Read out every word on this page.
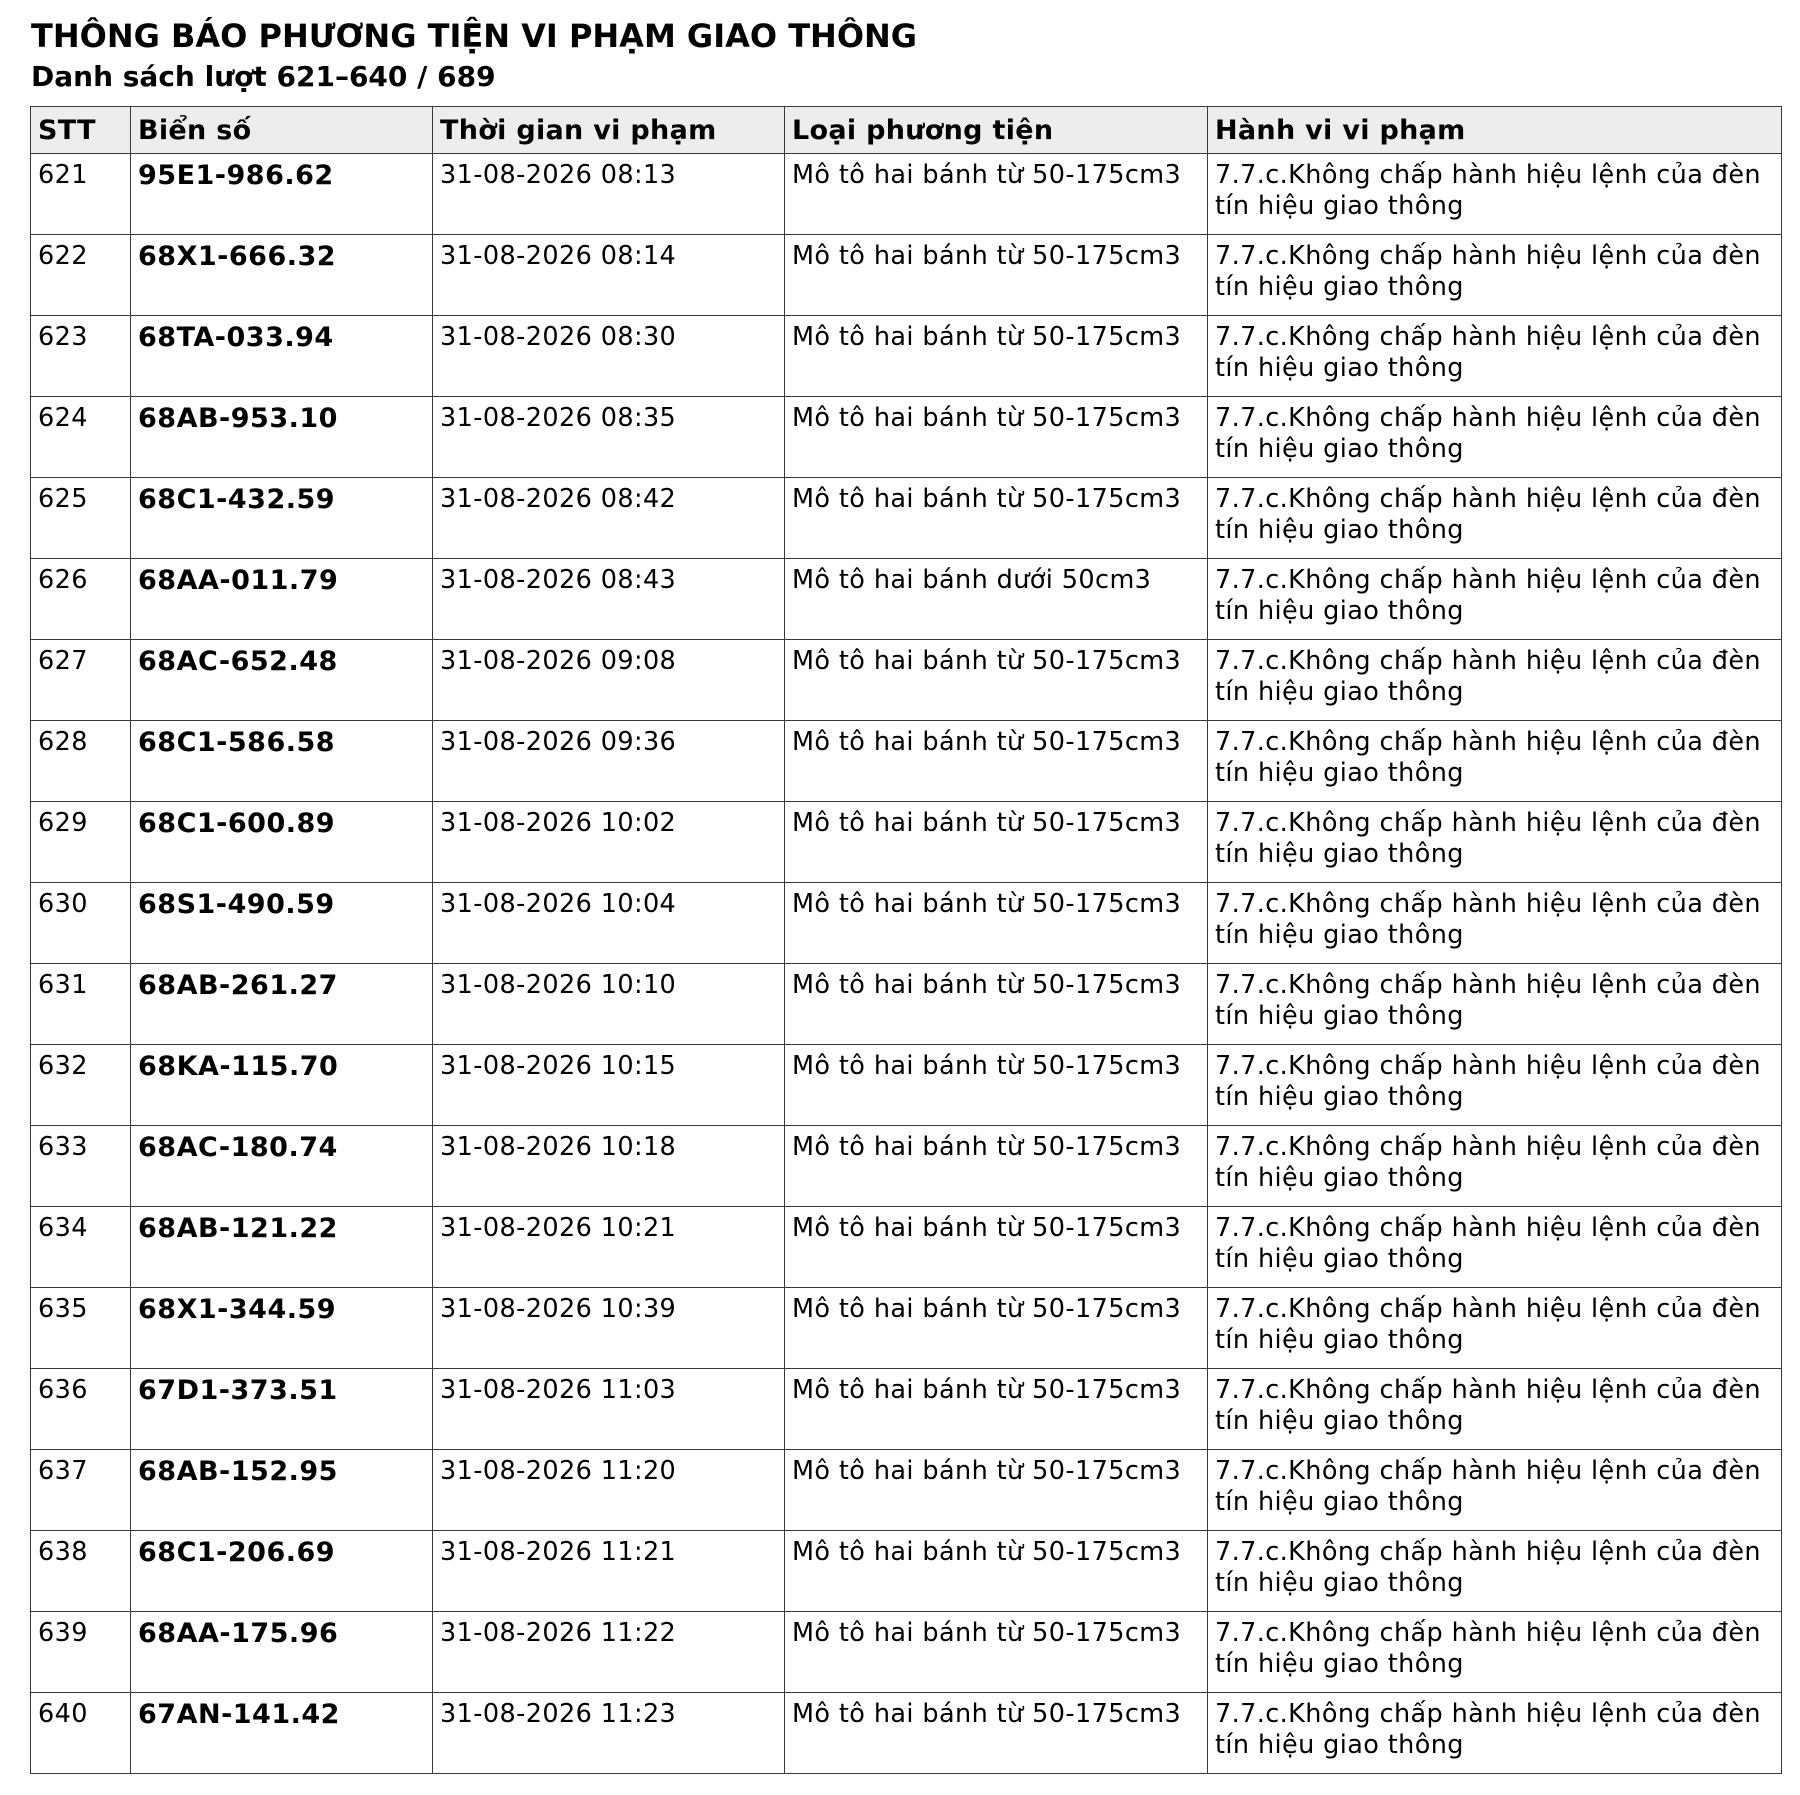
THÔNG BÁO PHƯƠNG TIỆN VI PHẠM GIAO THÔNG
Danh sách lượt 621–640 / 689
STT	Biển số	Thời gian vi phạm	Loại phương tiện	Hành vi vi phạm
621	95E1-986.62	31-08-2026 08:13	Mô tô hai bánh từ 50-175cm3	7.7.c.Không chấp hành hiệu lệnh của đèn tín hiệu giao thông
622	68X1-666.32	31-08-2026 08:14	Mô tô hai bánh từ 50-175cm3	7.7.c.Không chấp hành hiệu lệnh của đèn tín hiệu giao thông
623	68TA-033.94	31-08-2026 08:30	Mô tô hai bánh từ 50-175cm3	7.7.c.Không chấp hành hiệu lệnh của đèn tín hiệu giao thông
624	68AB-953.10	31-08-2026 08:35	Mô tô hai bánh từ 50-175cm3	7.7.c.Không chấp hành hiệu lệnh của đèn tín hiệu giao thông
625	68C1-432.59	31-08-2026 08:42	Mô tô hai bánh từ 50-175cm3	7.7.c.Không chấp hành hiệu lệnh của đèn tín hiệu giao thông
626	68AA-011.79	31-08-2026 08:43	Mô tô hai bánh dưới 50cm3	7.7.c.Không chấp hành hiệu lệnh của đèn tín hiệu giao thông
627	68AC-652.48	31-08-2026 09:08	Mô tô hai bánh từ 50-175cm3	7.7.c.Không chấp hành hiệu lệnh của đèn tín hiệu giao thông
628	68C1-586.58	31-08-2026 09:36	Mô tô hai bánh từ 50-175cm3	7.7.c.Không chấp hành hiệu lệnh của đèn tín hiệu giao thông
629	68C1-600.89	31-08-2026 10:02	Mô tô hai bánh từ 50-175cm3	7.7.c.Không chấp hành hiệu lệnh của đèn tín hiệu giao thông
630	68S1-490.59	31-08-2026 10:04	Mô tô hai bánh từ 50-175cm3	7.7.c.Không chấp hành hiệu lệnh của đèn tín hiệu giao thông
631	68AB-261.27	31-08-2026 10:10	Mô tô hai bánh từ 50-175cm3	7.7.c.Không chấp hành hiệu lệnh của đèn tín hiệu giao thông
632	68KA-115.70	31-08-2026 10:15	Mô tô hai bánh từ 50-175cm3	7.7.c.Không chấp hành hiệu lệnh của đèn tín hiệu giao thông
633	68AC-180.74	31-08-2026 10:18	Mô tô hai bánh từ 50-175cm3	7.7.c.Không chấp hành hiệu lệnh của đèn tín hiệu giao thông
634	68AB-121.22	31-08-2026 10:21	Mô tô hai bánh từ 50-175cm3	7.7.c.Không chấp hành hiệu lệnh của đèn tín hiệu giao thông
635	68X1-344.59	31-08-2026 10:39	Mô tô hai bánh từ 50-175cm3	7.7.c.Không chấp hành hiệu lệnh của đèn tín hiệu giao thông
636	67D1-373.51	31-08-2026 11:03	Mô tô hai bánh từ 50-175cm3	7.7.c.Không chấp hành hiệu lệnh của đèn tín hiệu giao thông
637	68AB-152.95	31-08-2026 11:20	Mô tô hai bánh từ 50-175cm3	7.7.c.Không chấp hành hiệu lệnh của đèn tín hiệu giao thông
638	68C1-206.69	31-08-2026 11:21	Mô tô hai bánh từ 50-175cm3	7.7.c.Không chấp hành hiệu lệnh của đèn tín hiệu giao thông
639	68AA-175.96	31-08-2026 11:22	Mô tô hai bánh từ 50-175cm3	7.7.c.Không chấp hành hiệu lệnh của đèn tín hiệu giao thông
640	67AN-141.42	31-08-2026 11:23	Mô tô hai bánh từ 50-175cm3	7.7.c.Không chấp hành hiệu lệnh của đèn tín hiệu giao thông
